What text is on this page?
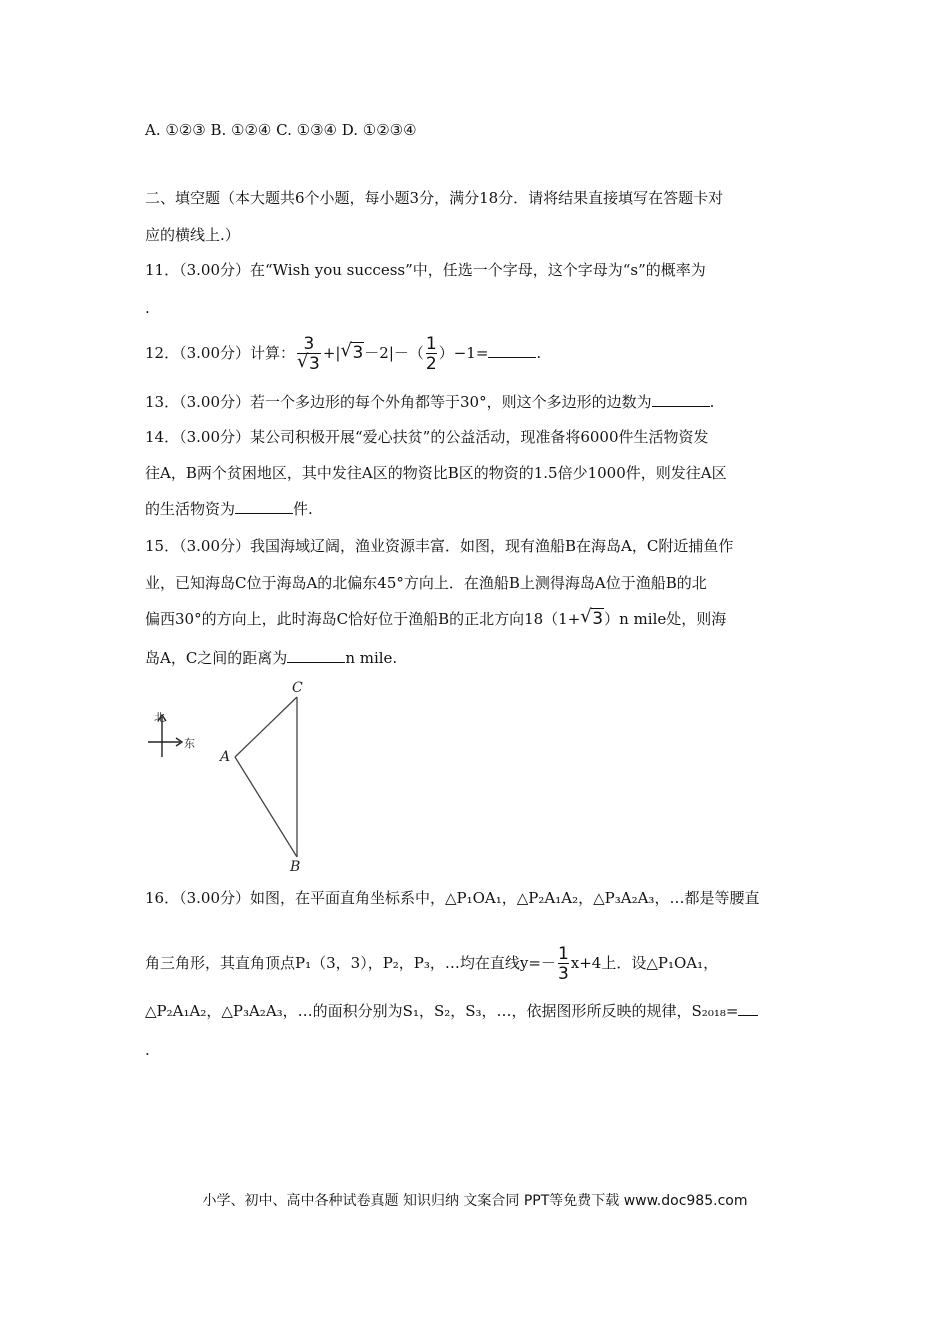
A. ①②③ B. ①②④ C. ①③④ D. ①②③④
二、填空题（本大题共6个小题，每小题3分，满分18分．请将结果直接填写在答题卡对
应的横线上.）
11．（3.00分）在“Wish you success”中，任选一个字母，这个字母为“s”的概率为
.
12．（3.00分）计算： $\frac{3}{√ 3}$ +| √ $3-2|-( \frac{1}{2} )-1=$	.
13．（3.00分）若一个多边形的每个外角都等于30°，则这个多边形的边数为	.
14．（3.00分）某公司积极开展“爱心扶贫”的公益活动，现准备将6000件生活物资发
往A，B两个贫困地区，其中发往A区的物资比B区的物资的1.5倍少1000件，则发往A区
的生活物资为	件.
15．（3.00分）我国海域辽阔，渔业资源丰富．如图，现有渔船B在海岛A，C附近捕鱼作
业，已知海岛C位于海岛A的北偏东45°方向上．在渔船B上测得海岛A位于渔船B的北
偏西30°的方向上，此时海岛C恰好位于渔船B的正北方向18（1+ √ 3）n mile处，则海
岛A，C之间的距离为	n mile.
北
东
C
A
B
16．（3.00分）如图，在平面直角坐标系中，△P₁OA₁，△P₂A₁A₂，△P₃A₂A₃，…都是等腰直
角三角形，其直角顶点P₁（3，3），P₂，P₃，…均在直线$y=- \frac{1}{3} x+4$上．设△P₁OA₁，
△P₂A₁A₂，△P₃A₂A₃，…的面积分别为S₁，S₂，S₃，…，依据图形所反映的规律，S₂₀₁₈=
.
小学、初中、高中各种试卷真题 知识归纳 文案合同 PPT等免费下载 www.doc985.com
